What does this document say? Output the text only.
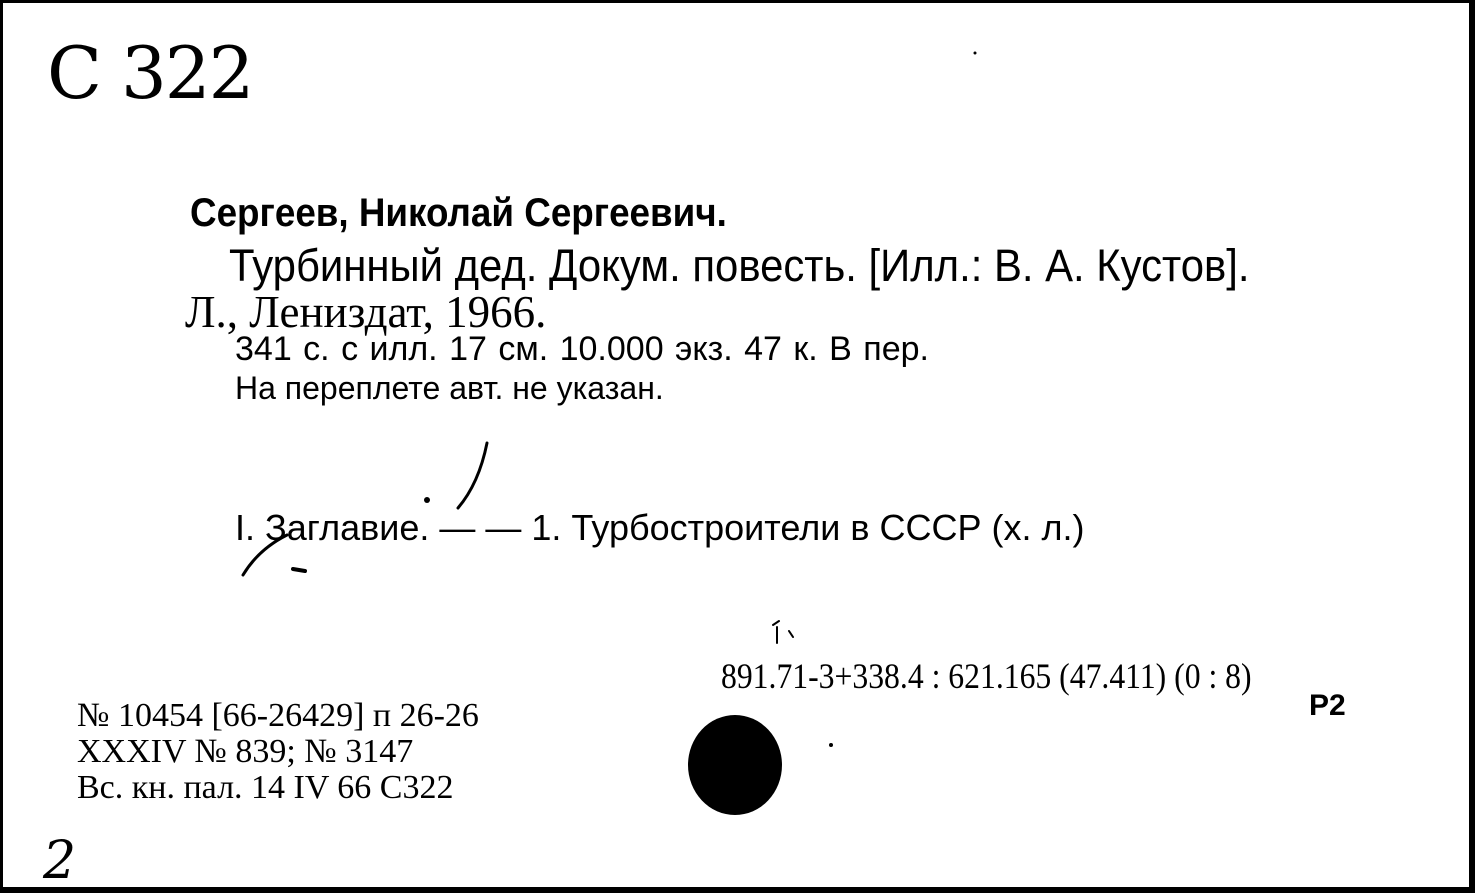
С 322
Сергеев, Николай Сергеевич.
Турбинный дед. Докум. повесть. [Илл.: В. А. Кустов].
Л., Лениздат, 1966.
341 с. с илл. 17 см. 10.000 экз. 47 к. В пер.
На переплете авт. не указан.
I. Заглавие. — — 1. Турбостроители в СССР (х. л.)
891.71-3+338.4 : 621.165 (47.411) (0 : 8)
Р2
№ 10454 [66-26429] п 26-26
XXXIV № 839; № 3147
Вс. кн. пал. 14 IV 66 С322
2
